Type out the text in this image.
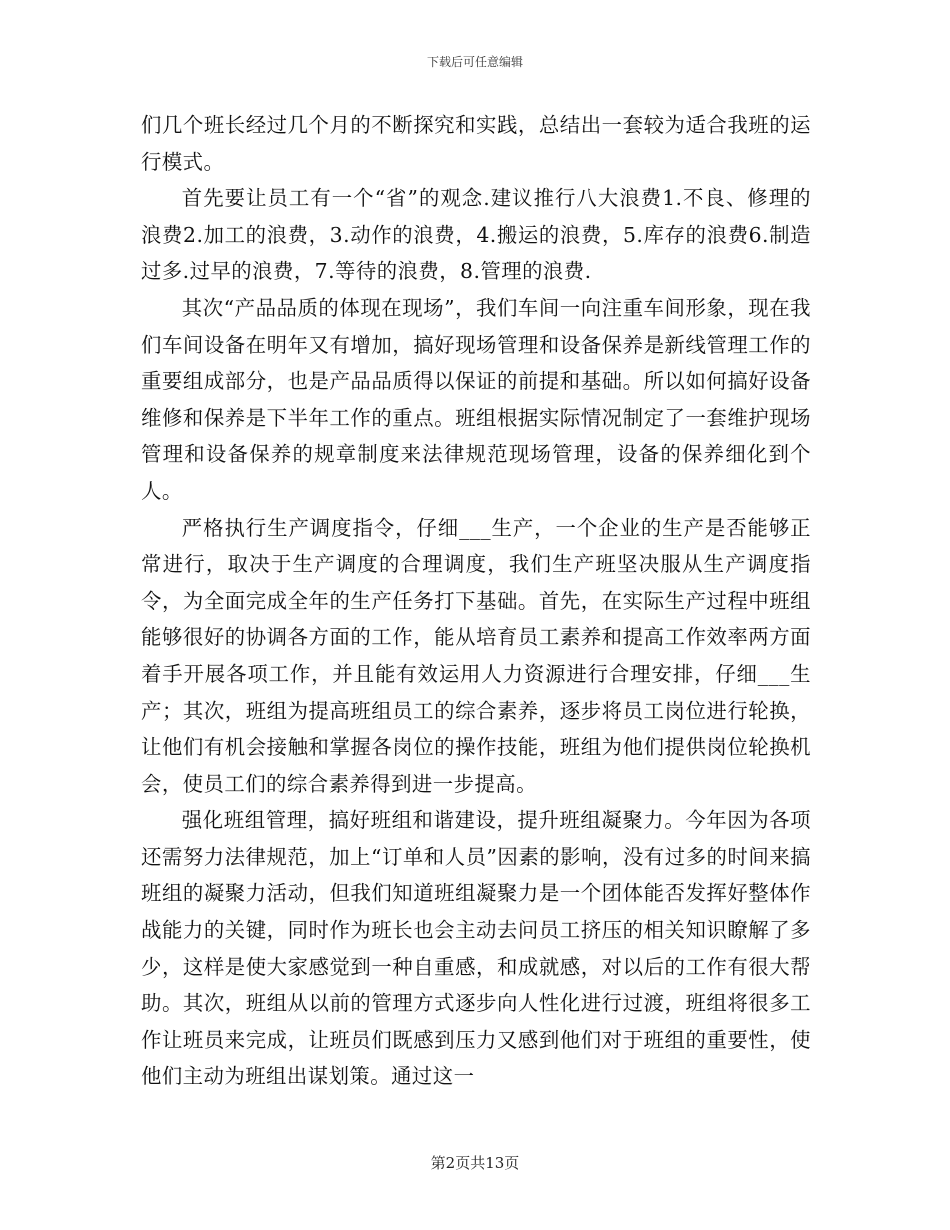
下载后可任意编辑

们几个班长经过几个月的不断探究和实践，总结出一套较为适合我班的运行模式。

首先要让员工有一个“省”的观念.建议推行八大浪费1.不良、修理的浪费2.加工的浪费，3.动作的浪费，4.搬运的浪费，5.库存的浪费6.制造过多.过早的浪费，7.等待的浪费，8.管理的浪费.

其次“产品品质的体现在现场”，我们车间一向注重车间形象，现在我们车间设备在明年又有增加，搞好现场管理和设备保养是新线管理工作的重要组成部分，也是产品品质得以保证的前提和基础。所以如何搞好设备维修和保养是下半年工作的重点。班组根据实际情况制定了一套维护现场管理和设备保养的规章制度来法律规范现场管理，设备的保养细化到个人。

严格执行生产调度指令，仔细___生产，一个企业的生产是否能够正常进行，取决于生产调度的合理调度，我们生产班坚决服从生产调度指令，为全面完成全年的生产任务打下基础。首先，在实际生产过程中班组能够很好的协调各方面的工作，能从培育员工素养和提高工作效率两方面着手开展各项工作，并且能有效运用人力资源进行合理安排，仔细___生产；其次，班组为提高班组员工的综合素养，逐步将员工岗位进行轮换，让他们有机会接触和掌握各岗位的操作技能，班组为他们提供岗位轮换机会，使员工们的综合素养得到进一步提高。

强化班组管理，搞好班组和谐建设，提升班组凝聚力。今年因为各项还需努力法律规范，加上“订单和人员”因素的影响，没有过多的时间来搞班组的凝聚力活动，但我们知道班组凝聚力是一个团体能否发挥好整体作战能力的关键，同时作为班长也会主动去问员工挤压的相关知识瞭解了多少，这样是使大家感觉到一种自重感，和成就感，对以后的工作有很大帮助。其次，班组从以前的管理方式逐步向人性化进行过渡，班组将很多工作让班员来完成，让班员们既感到压力又感到他们对于班组的重要性，使他们主动为班组出谋划策。通过这一

第2页共13页
